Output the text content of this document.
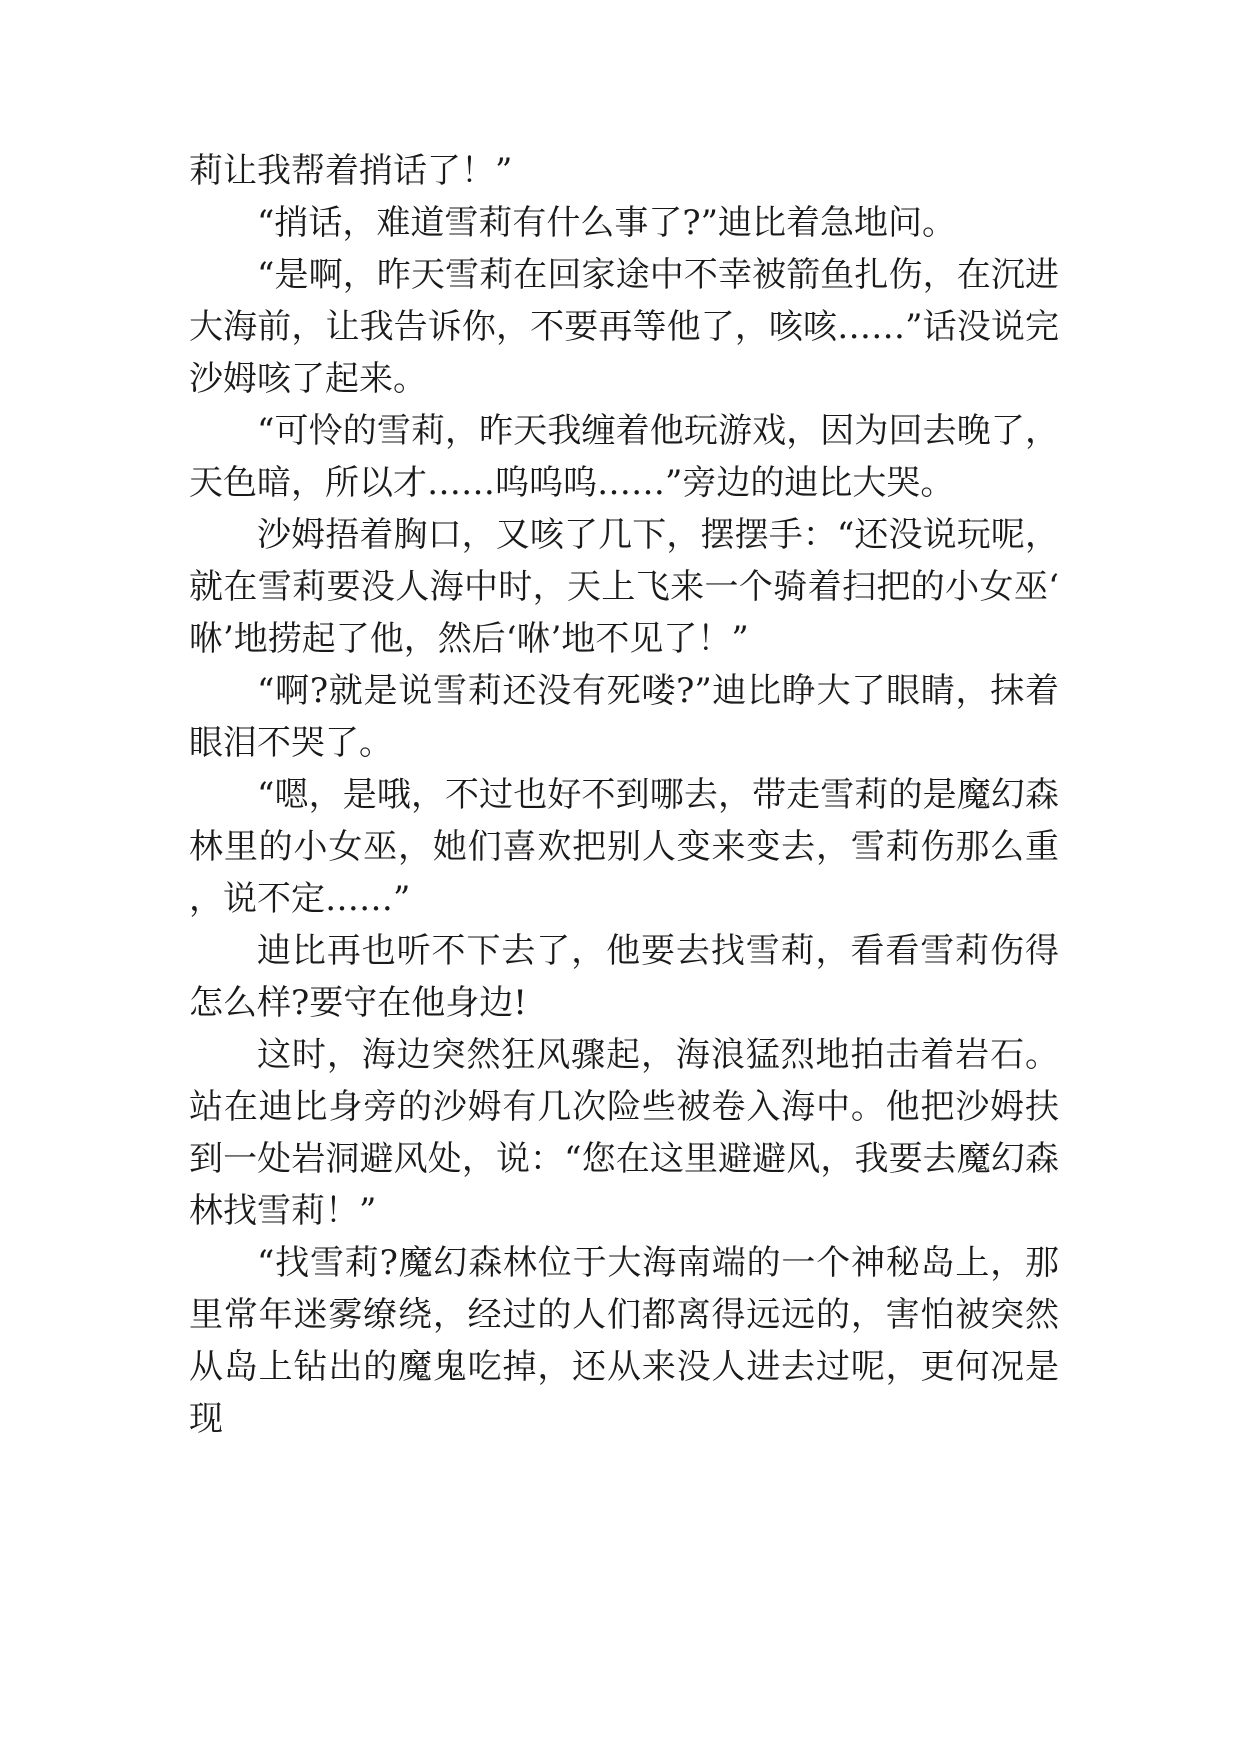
莉让我帮着捎话了！”

“捎话，难道雪莉有什么事了?”迪比着急地问。

“是啊，昨天雪莉在回家途中不幸被箭鱼扎伤，在沉进大海前，让我告诉你，不要再等他了，咳咳……”话没说完沙姆咳了起来。

“可怜的雪莉，昨天我缠着他玩游戏，因为回去晚了，天色暗，所以才……呜呜呜……”旁边的迪比大哭。

沙姆捂着胸口，又咳了几下，摆摆手：“还没说玩呢，就在雪莉要没人海中时，天上飞来一个骑着扫把的小女巫‘咻’地捞起了他，然后‘咻’地不见了！”

“啊?就是说雪莉还没有死喽?”迪比睁大了眼睛，抹着眼泪不哭了。

“嗯，是哦，不过也好不到哪去，带走雪莉的是魔幻森林里的小女巫，她们喜欢把别人变来变去，雪莉伤那么重，说不定……”

迪比再也听不下去了，他要去找雪莉，看看雪莉伤得怎么样?要守在他身边!

这时，海边突然狂风骤起，海浪猛烈地拍击着岩石。站在迪比身旁的沙姆有几次险些被卷入海中。他把沙姆扶到一处岩洞避风处，说：“您在这里避避风，我要去魔幻森林找雪莉！”

“找雪莉?魔幻森林位于大海南端的一个神秘岛上，那里常年迷雾缭绕，经过的人们都离得远远的，害怕被突然从岛上钻出的魔鬼吃掉，还从来没人进去过呢，更何况是现
